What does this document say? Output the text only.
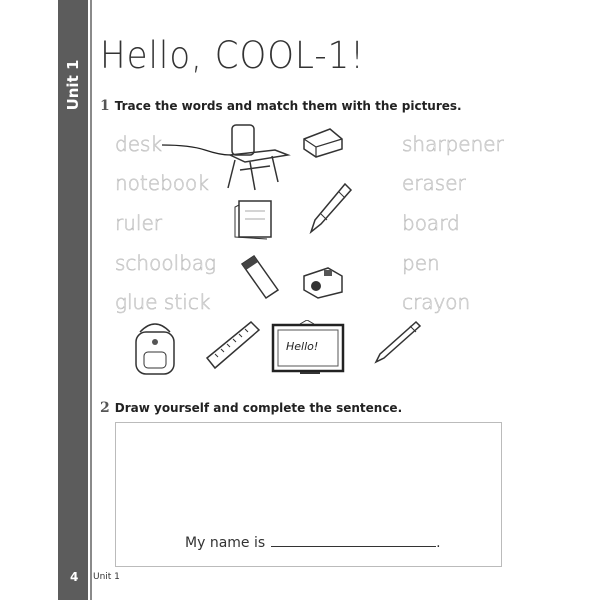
Unit 1
Hello, COOL-1!
1 Trace the words and match them with the pictures.
desk
notebook
ruler
schoolbag
glue stick
sharpener
eraser
board
pen
crayon
Hello!
2 Draw yourself and complete the sentence.
My name is	.
4 Unit 1
